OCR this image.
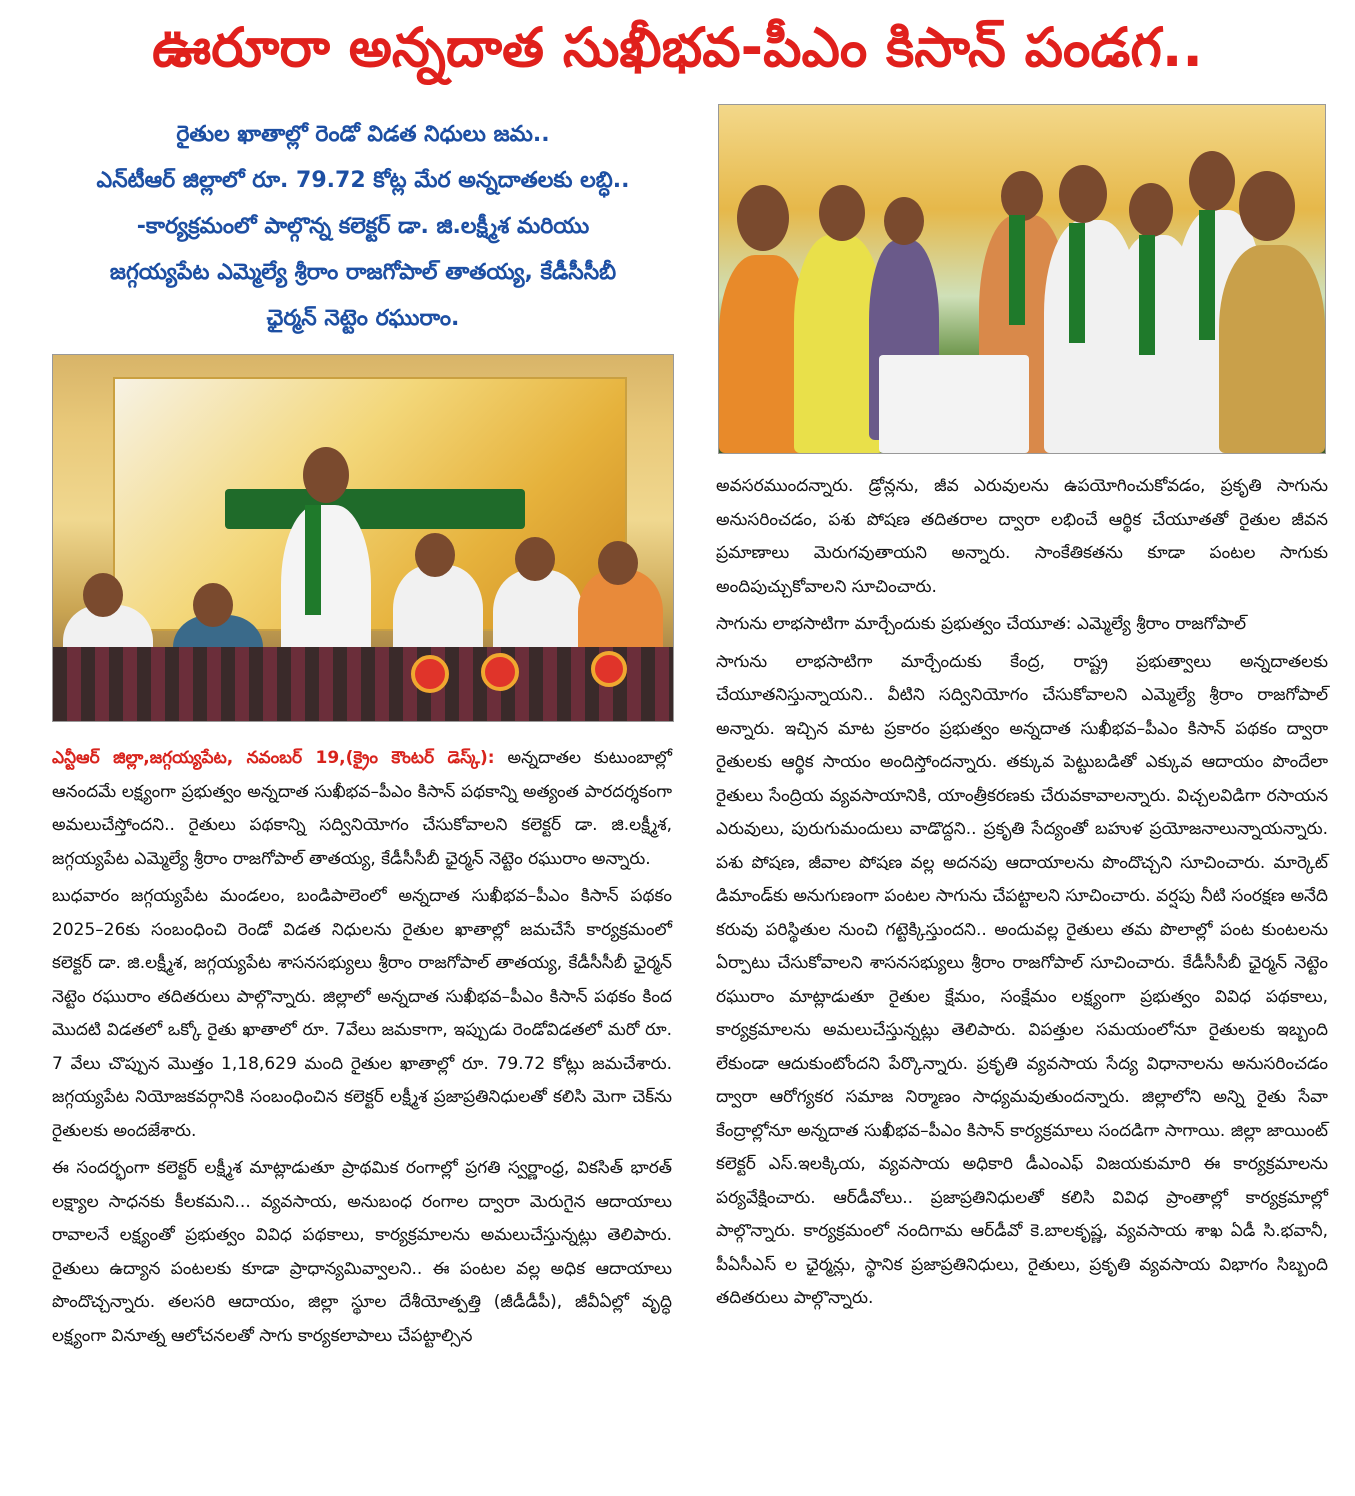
ఊరూరా అన్నదాత సుఖీభవ-పీఎం కిసాన్ పండగ..
రైతుల ఖాతాల్లో రెండో విడత నిధులు జమ..
ఎన్‌టీఆర్ జిల్లాలో రూ. 79.72 కోట్ల మేర అన్నదాతలకు లబ్ధి..
-కార్యక్రమంలో పాల్గొన్న కలెక్టర్ డా. జి.లక్ష్మీశ మరియు
జగ్గయ్యపేట ఎమ్మెల్యే శ్రీరాం రాజగోపాల్ తాతయ్య, కేడీసీసీబీ
ఛైర్మన్ నెట్టెం రఘురాం.

ఎన్టీఆర్ జిల్లా,జగ్గయ్యపేట, నవంబర్ 19,(క్రైం కౌంటర్ డెస్క్): అన్నదాతల కుటుంబాల్లో ఆనందమే లక్ష్యంగా ప్రభుత్వం అన్నదాత సుఖీభవ–పీఎం కిసాన్ పథకాన్ని అత్యంత పారదర్శకంగా అమలుచేస్తోందని.. రైతులు పథకాన్ని సద్వినియోగం చేసుకోవాలని కలెక్టర్ డా. జి.లక్ష్మీశ, జగ్గయ్యపేట ఎమ్మెల్యే శ్రీరాం రాజగోపాల్ తాతయ్య, కేడీసీసీబీ ఛైర్మన్ నెట్టెం రఘురాం అన్నారు.

బుధవారం జగ్గయ్యపేట మండలం, బండిపాలెంలో అన్నదాత సుఖీభవ–పీఎం కిసాన్ పథకం 2025–26కు సంబంధించి రెండో విడత నిధులను రైతుల ఖాతాల్లో జమచేసే కార్యక్రమంలో కలెక్టర్ డా. జి.లక్ష్మీశ, జగ్గయ్యపేట శాసనసభ్యులు శ్రీరాం రాజగోపాల్ తాతయ్య, కేడీసీసీబీ ఛైర్మన్ నెట్టెం రఘురాం తదితరులు పాల్గొన్నారు. జిల్లాలో అన్నదాత సుఖీభవ–పీఎం కిసాన్ పథకం కింద మొదటి విడతలో ఒక్కో రైతు ఖాతాలో రూ. 7వేలు జమకాగా, ఇప్పుడు రెండోవిడతలో మరో రూ. 7 వేలు చొప్పున మొత్తం 1,18,629 మంది రైతుల ఖాతాల్లో రూ. 79.72 కోట్లు జమచేశారు. జగ్గయ్యపేట నియోజకవర్గానికి సంబంధించిన కలెక్టర్ లక్ష్మీశ ప్రజాప్రతినిధులతో కలిసి మెగా చెక్‌ను రైతులకు అందజేశారు.

ఈ సందర్భంగా కలెక్టర్ లక్ష్మీశ మాట్లాడుతూ ప్రాథమిక రంగాల్లో ప్రగతి స్వర్ణాంధ్ర, వికసిత్ భారత్ లక్ష్యాల సాధనకు కీలకమని... వ్యవసాయ, అనుబంధ రంగాల ద్వారా మెరుగైన ఆదాయాలు రావాలనే లక్ష్యంతో ప్రభుత్వం వివిధ పథకాలు, కార్యక్రమాలను అమలుచేస్తున్నట్లు తెలిపారు. రైతులు ఉద్యాన పంటలకు కూడా ప్రాధాన్యమివ్వాలని.. ఈ పంటల వల్ల అధిక ఆదాయాలు పొందొచ్చన్నారు. తలసరి ఆదాయం, జిల్లా స్థూల దేశీయోత్పత్తి (జీడీడీపీ), జీవీఏల్లో వృద్ధి లక్ష్యంగా వినూత్న ఆలోచనలతో సాగు కార్యకలాపాలు చేపట్టాల్సిన

అవసరముందన్నారు. డ్రోన్లను, జీవ ఎరువులను ఉపయోగించుకోవడం, ప్రకృతి సాగును అనుసరించడం, పశు పోషణ తదితరాల ద్వారా లభించే ఆర్థిక చేయూతతో రైతుల జీవన ప్రమాణాలు మెరుగవుతాయని అన్నారు. సాంకేతికతను కూడా పంటల సాగుకు అందిపుచ్చుకోవాలని సూచించారు.

సాగును లాభసాటిగా మార్చేందుకు ప్రభుత్వం చేయూత: ఎమ్మెల్యే శ్రీరాం రాజగోపాల్

సాగును లాభసాటిగా మార్చేందుకు కేంద్ర, రాష్ట్ర ప్రభుత్వాలు అన్నదాతలకు చేయూతనిస్తున్నాయని.. వీటిని సద్వినియోగం చేసుకోవాలని ఎమ్మెల్యే శ్రీరాం రాజగోపాల్ అన్నారు. ఇచ్చిన మాట ప్రకారం ప్రభుత్వం అన్నదాత సుఖీభవ–పీఎం కిసాన్ పథకం ద్వారా రైతులకు ఆర్థిక సాయం అందిస్తోందన్నారు. తక్కువ పెట్టుబడితో ఎక్కువ ఆదాయం పొందేలా రైతులు సేంద్రియ వ్యవసాయానికి, యాంత్రీకరణకు చేరువకావాలన్నారు. విచ్చలవిడిగా రసాయన ఎరువులు, పురుగుమందులు వాడొద్దని.. ప్రకృతి సేద్యంతో బహుళ ప్రయోజనాలున్నాయన్నారు. పశు పోషణ, జీవాల పోషణ వల్ల అదనపు ఆదాయాలను పొందొచ్చని సూచించారు. మార్కెట్ డిమాండ్‌కు అనుగుణంగా పంటల సాగును చేపట్టాలని సూచించారు. వర్షపు నీటి సంరక్షణ అనేది కరువు పరిస్థితుల నుంచి గట్టెక్కిస్తుందని.. అందువల్ల రైతులు తమ పొలాల్లో పంట కుంటలను ఏర్పాటు చేసుకోవాలని శాసనసభ్యులు శ్రీరాం రాజగోపాల్ సూచించారు. కేడీసీసీబీ ఛైర్మన్ నెట్టెం రఘురాం మాట్లాడుతూ రైతుల క్షేమం, సంక్షేమం లక్ష్యంగా ప్రభుత్వం వివిధ పథకాలు, కార్యక్రమాలను అమలుచేస్తున్నట్లు తెలిపారు. విపత్తుల సమయంలోనూ రైతులకు ఇబ్బంది లేకుండా ఆదుకుంటోందని పేర్కొన్నారు. ప్రకృతి వ్యవసాయ సేద్య విధానాలను అనుసరించడం ద్వారా ఆరోగ్యకర సమాజ నిర్మాణం సాధ్యమవుతుందన్నారు. జిల్లాలోని అన్ని రైతు సేవా కేంద్రాల్లోనూ అన్నదాత సుఖీభవ–పీఎం కిసాన్ కార్యక్రమాలు సందడిగా సాగాయి. జిల్లా జాయింట్ కలెక్టర్ ఎస్.ఇలక్కియ, వ్యవసాయ అధికారి డీఎంఎఫ్ విజయకుమారి ఈ కార్యక్రమాలను పర్యవేక్షించారు. ఆర్‌డీవోలు.. ప్రజాప్రతినిధులతో కలిసి వివిధ ప్రాంతాల్లో కార్యక్రమాల్లో పాల్గొన్నారు. కార్యక్రమంలో నందిగామ ఆర్‌డీవో కె.బాలకృష్ణ, వ్యవసాయ శాఖ ఏడీ సి.భవానీ, పీఏసీఎస్ ల ఛైర్మన్లు, స్థానిక ప్రజాప్రతినిధులు, రైతులు, ప్రకృతి వ్యవసాయ విభాగం సిబ్బంది తదితరులు పాల్గొన్నారు.
